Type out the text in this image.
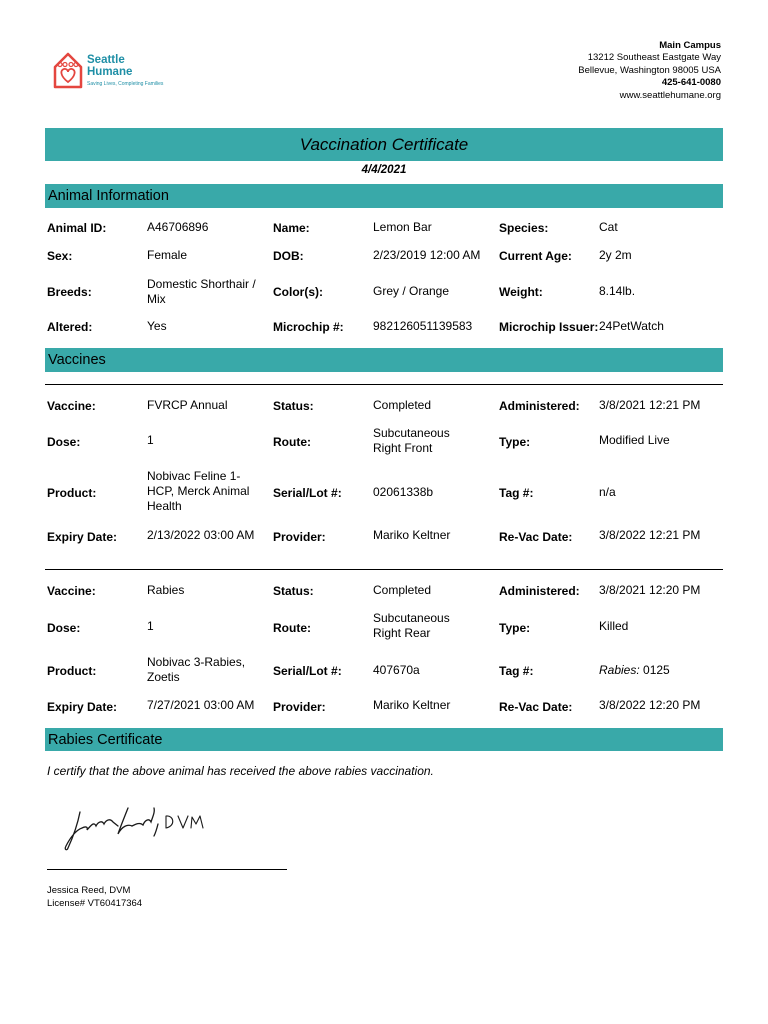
Seattle
Humane
Saving Lives, Completing Families
Main Campus
13212 Southeast Eastgate Way
Bellevue, Washington 98005 USA
425-641-0080
www.seattlehumane.org
Vaccination Certificate
4/4/2021
Animal Information
Animal ID:	A46706896	Name:	Lemon Bar	Species:	Cat
Sex:	Female	DOB:	2/23/2019 12:00 AM Current Age: 2y 2m
Breeds:
Domestic Shorthair /
Mix	Color(s):	Grey / Orange	Weight:	8.14lb.
Altered:	Yes	Microchip #: 982126051139583 Microchip Issuer: 24PetWatch
Vaccines
Vaccine:	FVRCP Annual	Status:	Completed	Administered: 3/8/2021 12:21 PM
Dose:	1	Route:
Subcutaneous
Right Front	Type:	Modified Live
Product:
Nobivac Feline 1-
HCP, Merck Animal
Health
Serial/Lot #:	02061338b	Tag #:	n/a
Expiry Date: 2/13/2022 03:00 AM Provider:	Mariko Keltner	Re-Vac Date: 3/8/2022 12:21 PM
Vaccine:	Rabies	Status:	Completed	Administered: 3/8/2021 12:20 PM
Dose:	1	Route:
Subcutaneous
Right Rear	Type:	Killed
Product:
Nobivac 3-Rabies,
Zoetis	Serial/Lot #:	407670a	Tag #:	Rabies: 0125
Expiry Date: 7/27/2021 03:00 AM Provider:	Mariko Keltner	Re-Vac Date: 3/8/2022 12:20 PM
Rabies Certificate
I certify that the above animal has received the above rabies vaccination.
Jessica Reed, DVM
License# VT60417364
